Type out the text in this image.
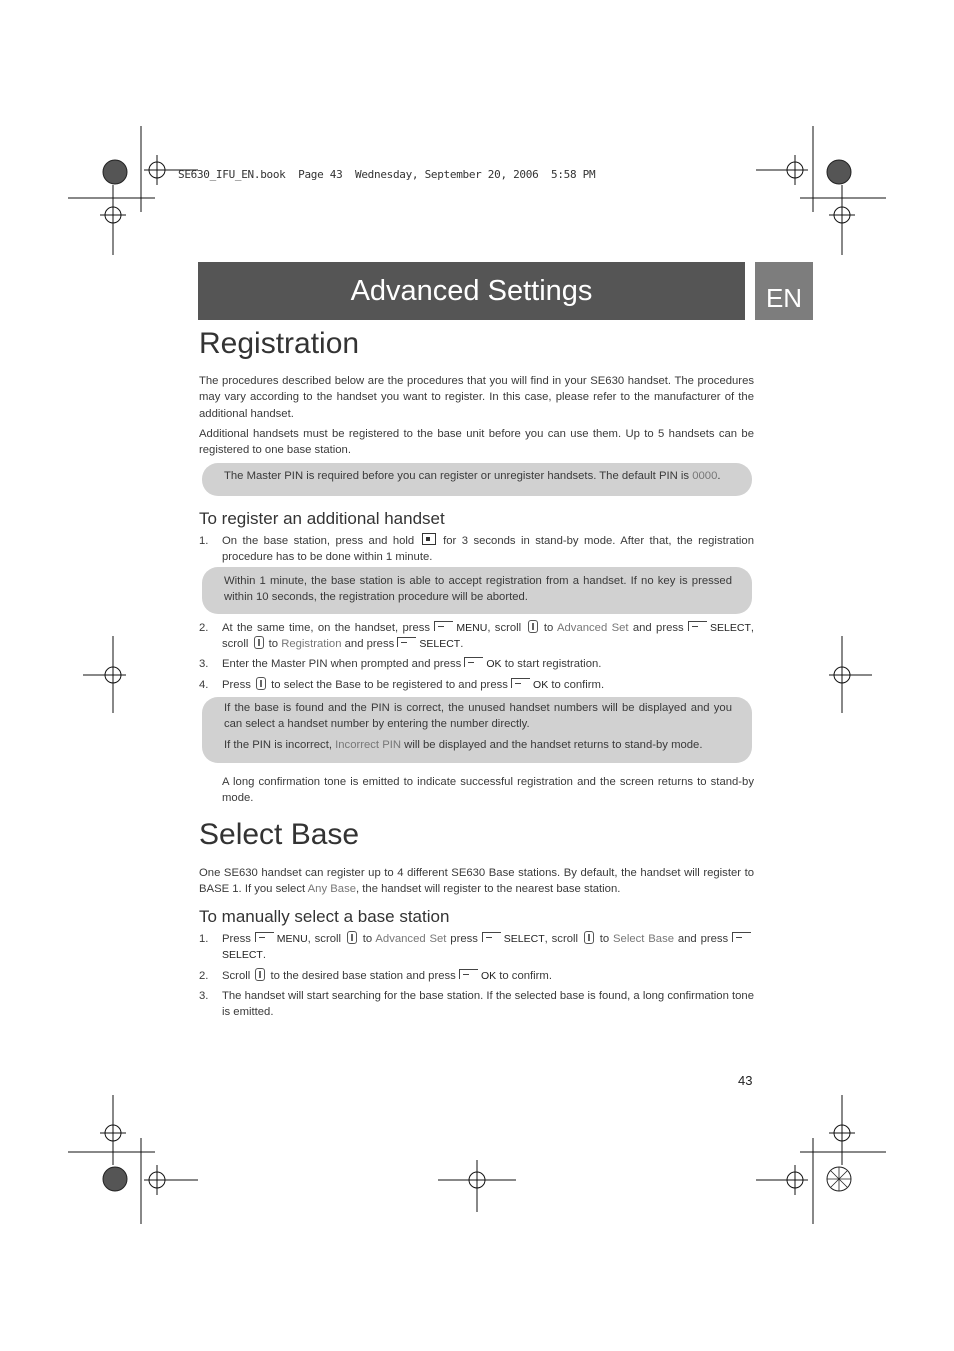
SE630_IFU_EN.book  Page 43  Wednesday, September 20, 2006  5:58 PM
Advanced Settings	EN
Registration
The procedures described below are the procedures that you will find in your SE630 handset. The procedures may vary according to the handset you want to register. In this case, please refer to the manufacturer of the additional handset.
Additional handsets must be registered to the base unit before you can use them. Up to 5 handsets can be registered to one base station.

The Master PIN is required before you can register or unregister handsets. The default PIN is 0000.

To register an additional handset
1. On the base station, press and hold  for 3 seconds in stand-by mode. After that, the registration procedure has to be done within 1 minute.

Within 1 minute, the base station is able to accept registration from a handset. If no key is pressed within 10 seconds, the registration procedure will be aborted.

2. At the same time, on the handset, press MENU, scroll  to Advanced Set and press SELECT, scroll  to Registration and press SELECT.
3. Enter the Master PIN when prompted and press OK to start registration.
4. Press  to select the Base to be registered to and press OK to confirm.

If the base is found and the PIN is correct, the unused handset numbers will be displayed and you can select a handset number by entering the number directly.

If the PIN is incorrect, Incorrect PIN will be displayed and the handset returns to stand-by mode.

A long confirmation tone is emitted to indicate successful registration and the screen returns to stand-by mode.
Select Base
One SE630 handset can register up to 4 different SE630 Base stations. By default, the handset will register to BASE 1. If you select Any Base, the handset will register to the nearest base station.
To manually select a base station
1. Press MENU, scroll  to Advanced Set press SELECT, scroll  to Select Base and press SELECT.
2. Scroll  to the desired base station and press OK to confirm.
3. The handset will start searching for the base station. If the selected base is found, a long confirmation tone is emitted.
43
